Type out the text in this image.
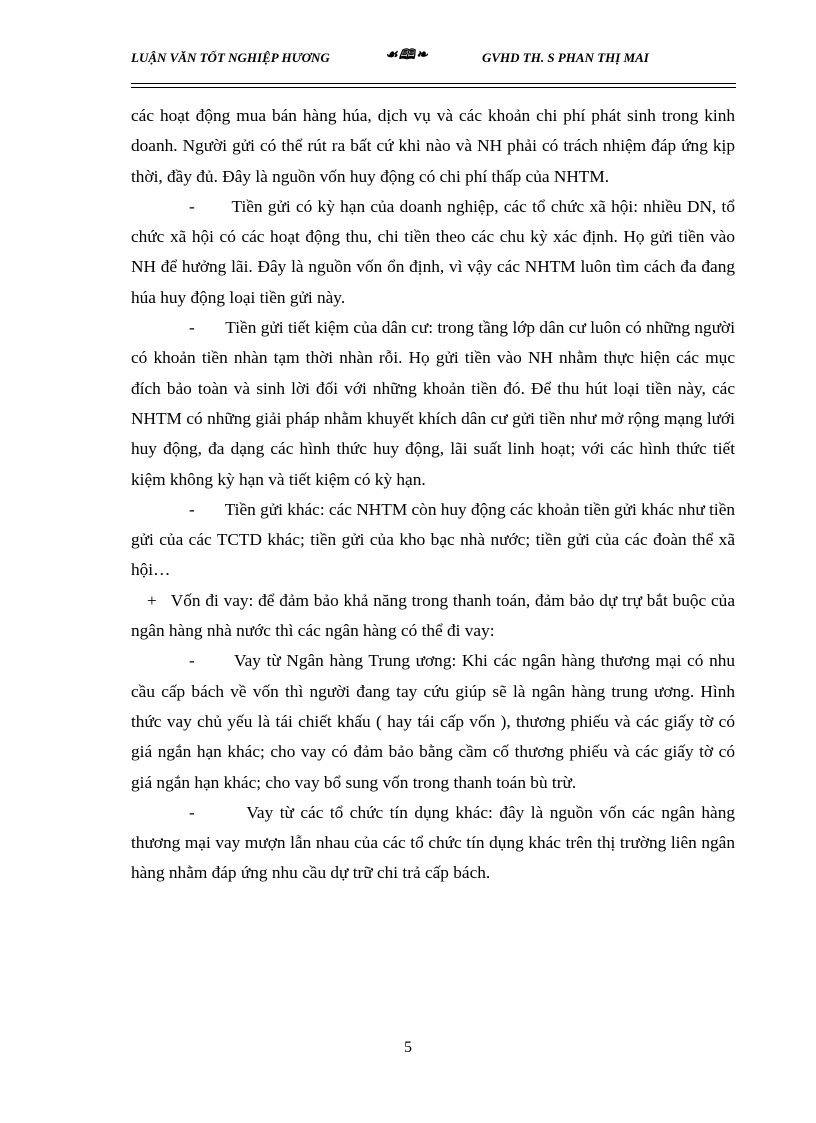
LUẬN VĂN TỐT NGHIỆP HƯƠNG	☙🕮❧	GVHD TH. S PHAN THỊ MAI

các hoạt động mua bán hàng húa, dịch vụ và các khoản chi phí phát sinh trong kinh doanh. Người gửi có thể rút ra bất cứ khi nào và NH phải có trách nhiệm đáp ứng kịp thời, đầy đủ. Đây là nguồn vốn huy động có chi phí thấp của NHTM.

-       Tiền gửi có kỳ hạn của doanh nghiệp, các tổ chức xã hội: nhiều DN, tổ chức xã hội có các hoạt động thu, chi tiền theo các chu kỳ xác định. Họ gửi tiền vào NH để hưởng lãi. Đây là nguồn vốn ổn định, vì vậy các NHTM luôn tìm cách đa đang húa huy động loại tiền gửi này.

-       Tiền gửi tiết kiệm của dân cư: trong tầng lớp dân cư luôn có những người có khoản tiền nhàn tạm thời nhàn rỗi. Họ gửi tiền vào NH nhằm thực hiện các mục đích bảo toàn và sinh lời đối với những khoản tiền đó. Để thu hút loại tiền này, các NHTM có những giải pháp nhằm khuyết khích dân cư gửi tiền như mở rộng mạng lưới huy động, đa dạng các hình thức huy động, lãi suất linh hoạt; với các hình thức tiết kiệm không kỳ hạn và tiết kiệm có kỳ hạn.

-       Tiền gửi khác: các NHTM còn huy động các khoản tiền gửi khác như tiền gửi của các TCTD khác; tiền gửi của kho bạc nhà nước; tiền gửi của các đoàn thể xã hội…

+   Vốn đi vay: để đảm bảo khả năng trong thanh toán, đảm bảo dự trự bắt buộc của ngân hàng nhà nước thì các ngân hàng có thể đi vay:

-       Vay từ Ngân hàng Trung ương: Khi các ngân hàng thương mại có nhu cầu cấp bách về vốn thì người đang tay cứu giúp sẽ là ngân hàng trung ương. Hình thức vay chủ yếu là tái chiết khấu ( hay tái cấp vốn ), thương phiếu và các giấy tờ có giá ngắn hạn khác; cho vay có đảm bảo bằng cầm cố thương phiếu và các giấy tờ có giá ngắn hạn khác; cho vay bổ sung vốn trong thanh toán bù trừ.

-        Vay từ các tổ chức tín dụng khác: đây là nguồn vốn các ngân hàng thương mại vay mượn lẫn nhau của các tổ chức tín dụng khác trên thị trường liên ngân hàng nhằm đáp ứng nhu cầu dự trữ chi trả cấp bách.

5
